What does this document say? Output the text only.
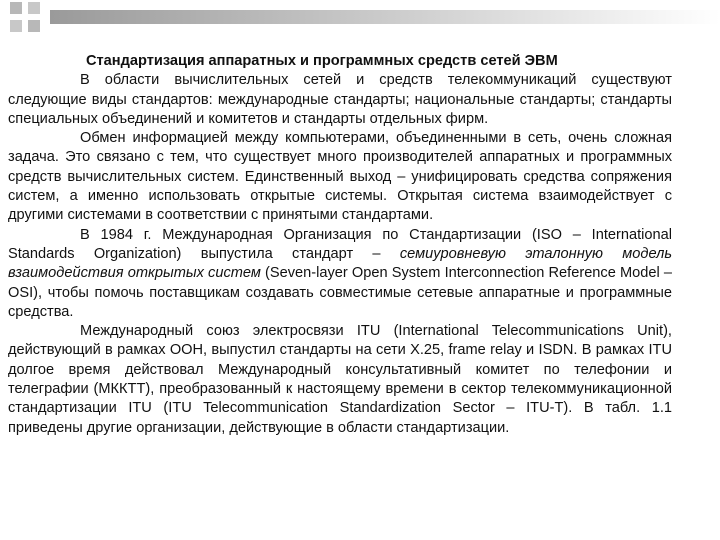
Стандартизация аппаратных и программных средств сетей ЭВМ

В области вычислительных сетей и средств телекоммуникаций существуют следующие виды стандартов: международные стандарты; национальные стандарты; стандарты специальных объединений и комитетов и стандарты отдельных фирм.

Обмен информацией между компьютерами, объединенными в сеть, очень сложная задача. Это связано с тем, что существует много производителей аппаратных и программных средств вычислительных систем. Единственный выход – унифицировать средства сопряжения систем, а именно использовать открытые системы. Открытая система взаимодействует с другими системами в соответствии с принятыми стандартами.

В 1984 г. Международная Организация по Стандартизации (ISO – International Standards Organization) выпустила стандарт – семиуровневую эталонную модель взаимодействия открытых систем (Seven-layer Open System Interconnection Reference Model – OSI), чтобы помочь поставщикам создавать совместимые сетевые аппаратные и программные средства.

Международный союз электросвязи ITU (International Telecommunications Unit), действующий в рамках ООН, выпустил стандарты на сети X.25, frame relay и ISDN. В рамках ITU долгое время действовал Международный консультативный комитет по телефонии и телеграфии (МККТТ), преобразованный к настоящему времени в сектор телекоммуникационной стандартизации ITU (ITU Telecommunication Standardization Sector – ITU-T). В табл. 1.1 приведены другие организации, действующие в области стандартизации.
